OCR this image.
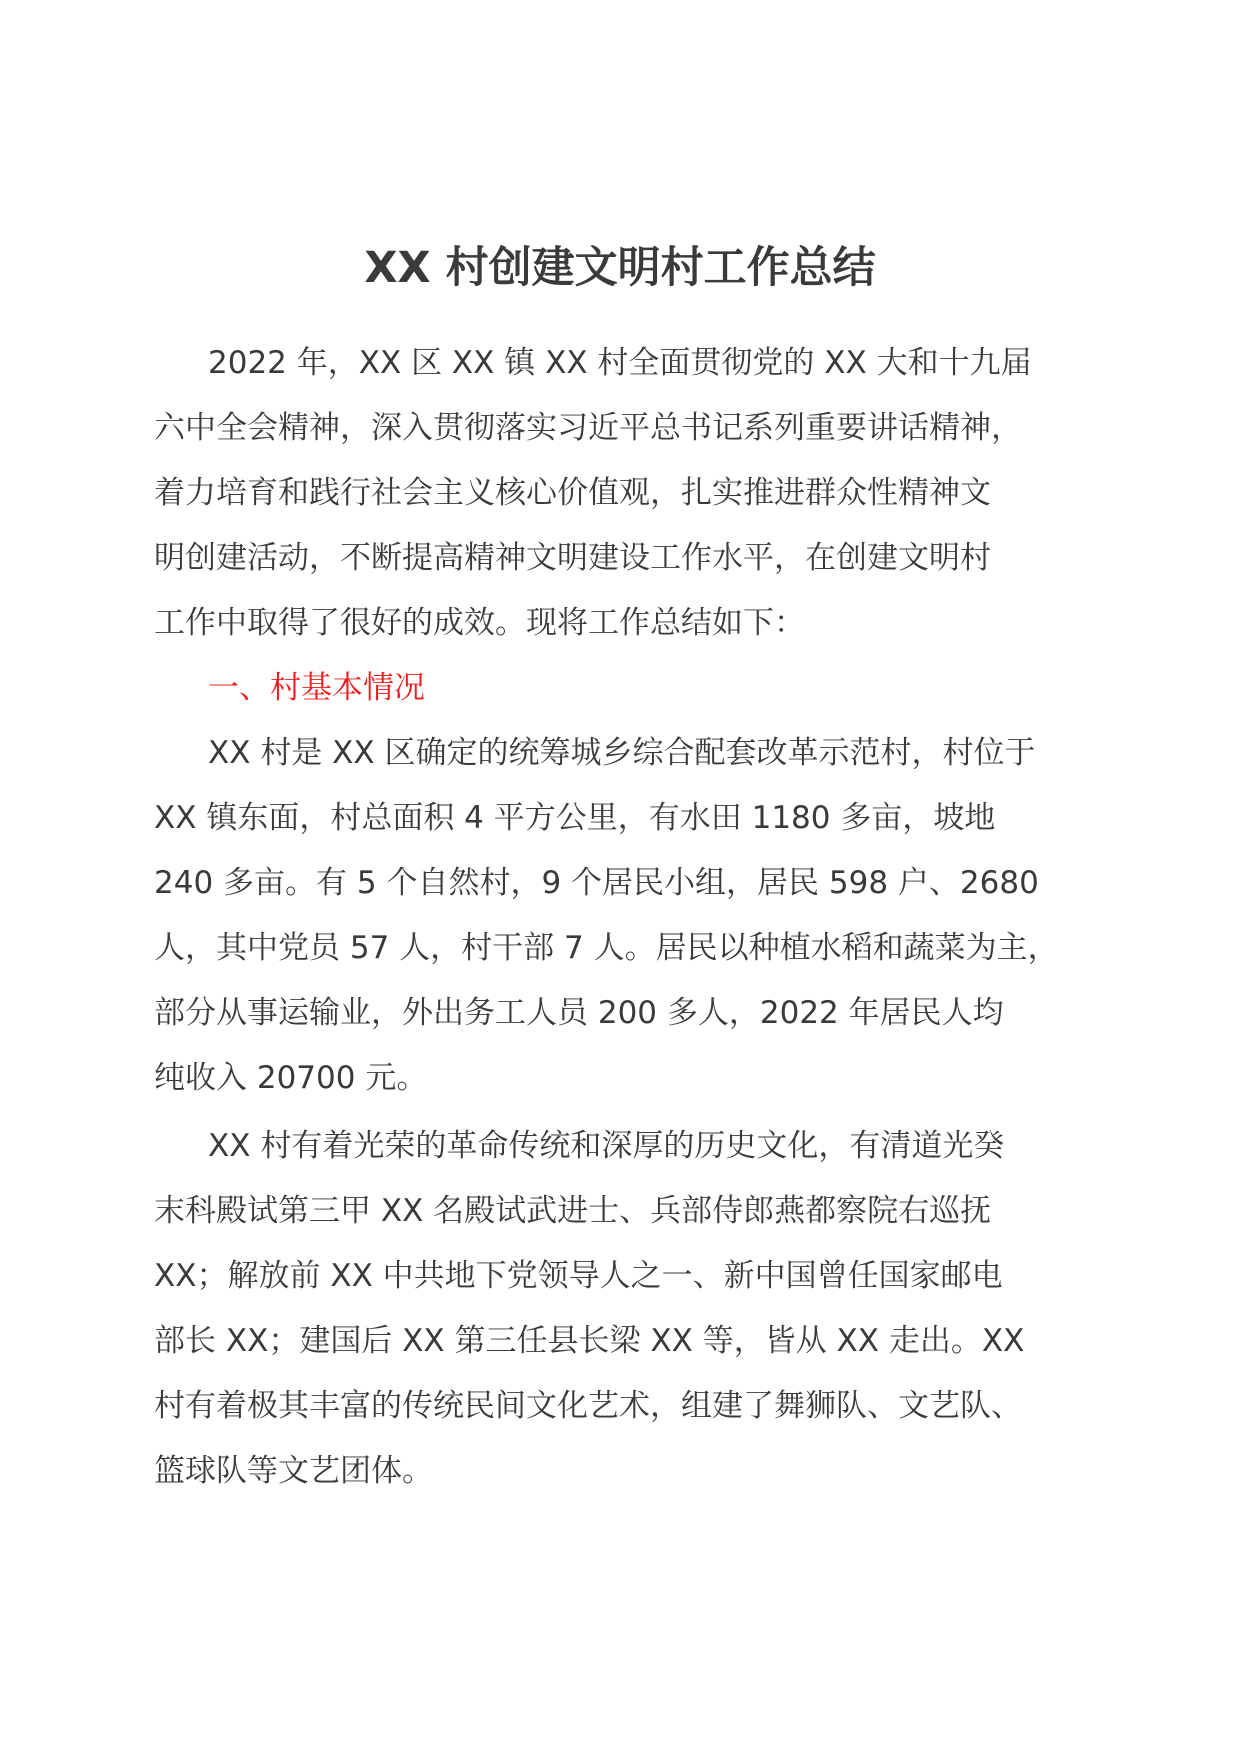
XX 村创建文明村工作总结
2022 年，XX 区 XX 镇 XX 村全面贯彻党的 XX 大和十九届
六中全会精神，深入贯彻落实习近平总书记系列重要讲话精神，
着力培育和践行社会主义核心价值观，扎实推进群众性精神文
明创建活动，不断提高精神文明建设工作水平，在创建文明村
工作中取得了很好的成效。现将工作总结如下：
一、村基本情况
XX 村是 XX 区确定的统筹城乡综合配套改革示范村，村位于
XX 镇东面，村总面积 4 平方公里，有水田 1180 多亩，坡地
240 多亩。有 5 个自然村，9 个居民小组，居民 598 户、2680
人，其中党员 57 人，村干部 7 人。居民以种植水稻和蔬菜为主，
部分从事运输业，外出务工人员 200 多人，2022 年居民人均
纯收入 20700 元。
XX 村有着光荣的革命传统和深厚的历史文化，有清道光癸
末科殿试第三甲 XX 名殿试武进士、兵部侍郎燕都察院右巡抚
XX；解放前 XX 中共地下党领导人之一、新中国曾任国家邮电
部长 XX；建国后 XX 第三任县长梁 XX 等，皆从 XX 走出。XX
村有着极其丰富的传统民间文化艺术，组建了舞狮队、文艺队、
篮球队等文艺团体。
